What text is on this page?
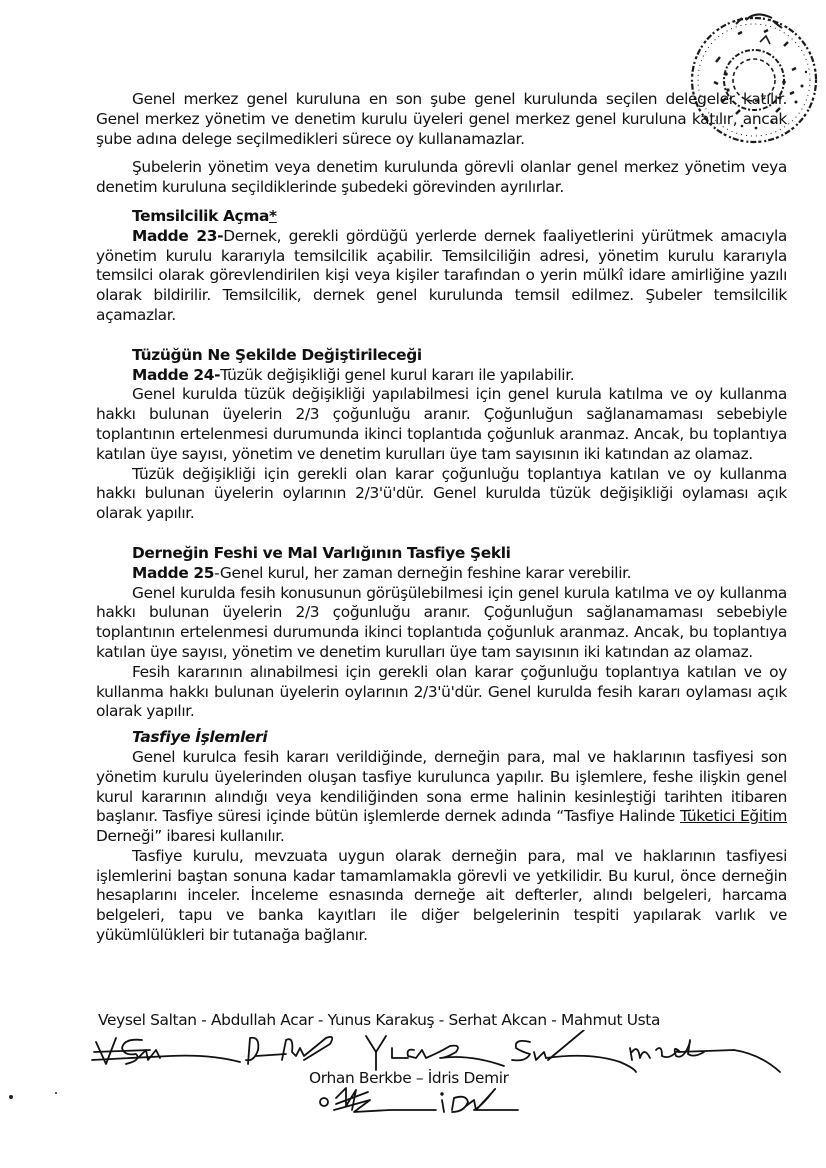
Genel merkez genel kuruluna en son şube genel kurulunda seçilen delegeler katılır. Genel merkez yönetim ve denetim kurulu üyeleri genel merkez genel kuruluna katılır, ancak şube adına delege seçilmedikleri sürece oy kullanamazlar.

Şubelerin yönetim veya denetim kurulunda görevli olanlar genel merkez yönetim veya denetim kuruluna seçildiklerinde şubedeki görevinden ayrılırlar.

Temsilcilik Açma*

Madde 23-Dernek, gerekli gördüğü yerlerde dernek faaliyetlerini yürütmek amacıyla yönetim kurulu kararıyla temsilcilik açabilir. Temsilciliğin adresi, yönetim kurulu kararıyla temsilci olarak görevlendirilen kişi veya kişiler tarafından o yerin mülkî idare amirliğine yazılı olarak bildirilir. Temsilcilik, dernek genel kurulunda temsil edilmez. Şubeler temsilcilik açamazlar.

Tüzüğün Ne Şekilde Değiştirileceği

Madde 24-Tüzük değişikliği genel kurul kararı ile yapılabilir.

Genel kurulda tüzük değişikliği yapılabilmesi için genel kurula katılma ve oy kullanma hakkı bulunan üyelerin 2/3 çoğunluğu aranır. Çoğunluğun sağlanamaması sebebiyle toplantının ertelenmesi durumunda ikinci toplantıda çoğunluk aranmaz. Ancak, bu toplantıya katılan üye sayısı, yönetim ve denetim kurulları üye tam sayısının iki katından az olamaz.

Tüzük değişikliği için gerekli olan karar çoğunluğu toplantıya katılan ve oy kullanma hakkı bulunan üyelerin oylarının 2/3'ü'dür. Genel kurulda tüzük değişikliği oylaması açık olarak yapılır.

Derneğin Feshi ve Mal Varlığının Tasfiye Şekli

Madde 25-Genel kurul, her zaman derneğin feshine karar verebilir.

Genel kurulda fesih konusunun görüşülebilmesi için genel kurula katılma ve oy kullanma hakkı bulunan üyelerin 2/3 çoğunluğu aranır. Çoğunluğun sağlanamaması sebebiyle toplantının ertelenmesi durumunda ikinci toplantıda çoğunluk aranmaz. Ancak, bu toplantıya katılan üye sayısı, yönetim ve denetim kurulları üye tam sayısının iki katından az olamaz.

Fesih kararının alınabilmesi için gerekli olan karar çoğunluğu toplantıya katılan ve oy kullanma hakkı bulunan üyelerin oylarının 2/3'ü'dür. Genel kurulda fesih kararı oylaması açık olarak yapılır.

Tasfiye İşlemleri

Genel kurulca fesih kararı verildiğinde, derneğin para, mal ve haklarının tasfiyesi son yönetim kurulu üyelerinden oluşan tasfiye kurulunca yapılır. Bu işlemlere, feshe ilişkin genel kurul kararının alındığı veya kendiliğinden sona erme halinin kesinleştiği tarihten itibaren başlanır. Tasfiye süresi içinde bütün işlemlerde dernek adında “Tasfiye Halinde Tüketici Eğitim Derneği” ibaresi kullanılır.

Tasfiye kurulu, mevzuata uygun olarak derneğin para, mal ve haklarının tasfiyesi işlemlerini baştan sonuna kadar tamamlamakla görevli ve yetkilidir. Bu kurul, önce derneğin hesaplarını inceler. İnceleme esnasında derneğe ait defterler, alındı belgeleri, harcama belgeleri, tapu ve banka kayıtları ile diğer belgelerinin tespiti yapılarak varlık ve yükümlülükleri bir tutanağa bağlanır.

Veysel Saltan - Abdullah Acar - Yunus Karakuş - Serhat Akcan - Mahmut Usta
Orhan Berkbe – İdris Demir
